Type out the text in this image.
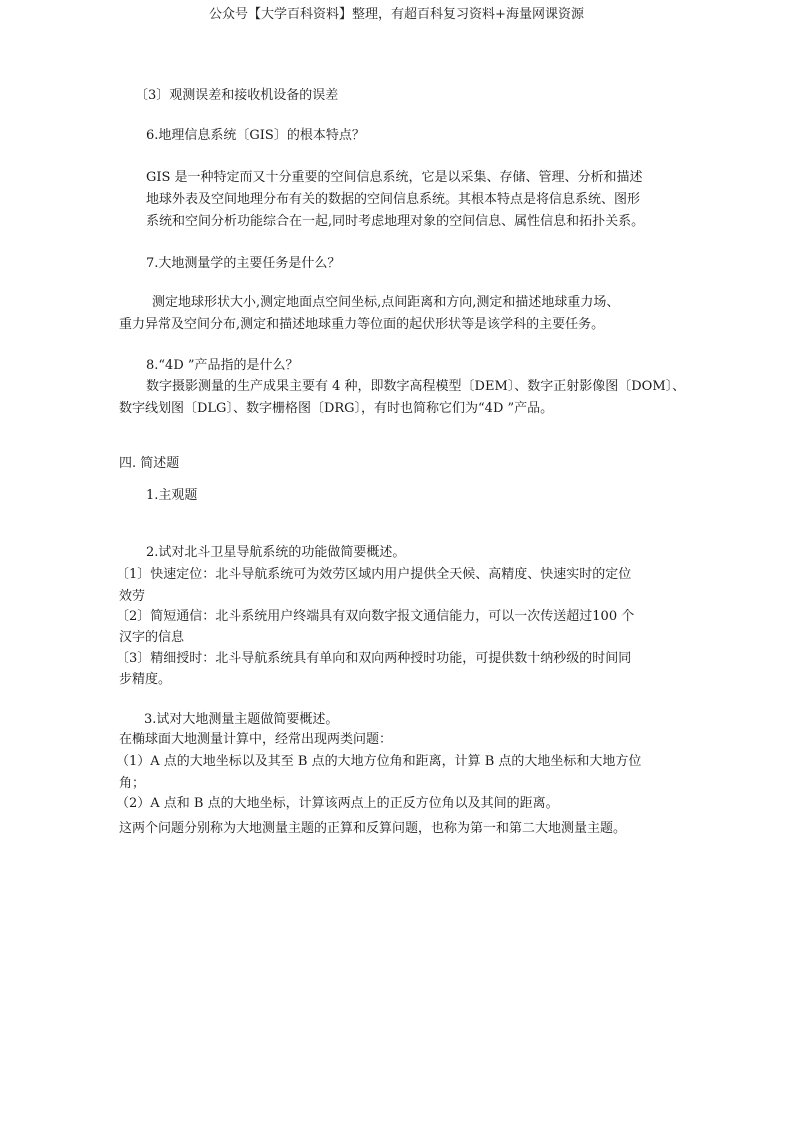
公众号【大学百科资料】整理，有超百科复习资料+海量网课资源
〔3〕观测误差和接收机设备的误差
6.地理信息系统〔GIS〕的根本特点？
GIS 是一种特定而又十分重要的空间信息系统，它是以采集、存储、管理、分析和描述
地球外表及空间地理分布有关的数据的空间信息系统。其根本特点是将信息系统、图形
系统和空间分析功能综合在一起,同时考虑地理对象的空间信息、属性信息和拓扑关系。
7.大地测量学的主要任务是什么？
测定地球形状大小,测定地面点空间坐标,点间距离和方向,测定和描述地球重力场、
重力异常及空间分布,测定和描述地球重力等位面的起伏形状等是该学科的主要任务。
8.“4D ”产品指的是什么？
数字摄影测量的生产成果主要有 4 种，即数字高程模型〔DEM〕、数字正射影像图〔DOM〕、
数字线划图〔DLG〕、数字栅格图〔DRG〕，有时也简称它们为“4D ”产品。
四. 简述题
1.主观题
2.试对北斗卫星导航系统的功能做简要概述。
〔1〕快速定位：北斗导航系统可为效劳区域内用户提供全天候、高精度、快速实时的定位
效劳
〔2〕简短通信：北斗系统用户终端具有双向数字报文通信能力，可以一次传送超过100 个
汉字的信息
〔3〕精细授时：北斗导航系统具有单向和双向两种授时功能，可提供数十纳秒级的时间同
步精度。
3.试对大地测量主题做简要概述。
在椭球面大地测量计算中，经常出现两类问题：
（1）A 点的大地坐标以及其至 B 点的大地方位角和距离，计算 B 点的大地坐标和大地方位
角；
（2）A 点和 B 点的大地坐标，计算该两点上的正反方位角以及其间的距离。
这两个问题分别称为大地测量主题的正算和反算问题，也称为第一和第二大地测量主题。
